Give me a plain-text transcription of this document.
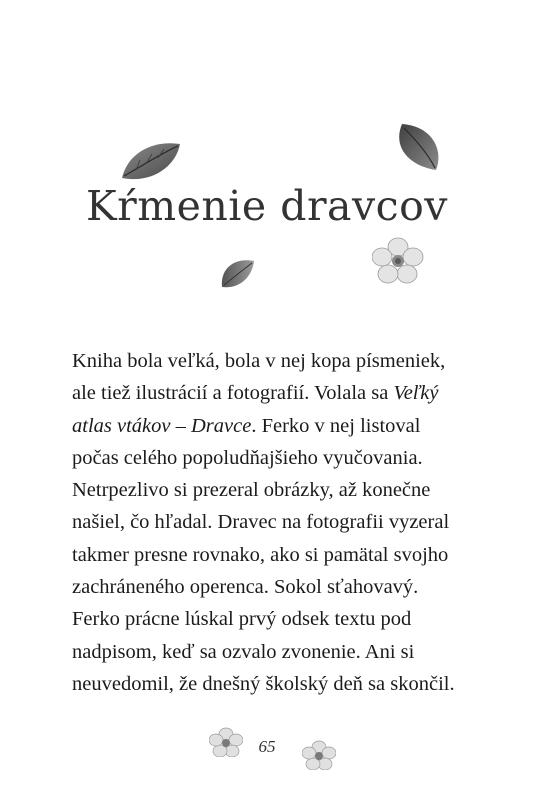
Kŕmenie dravcov
Kniha bola veľká, bola v nej kopa písmeniek,
ale tiež ilustrácií a fotografií. Volala sa Veľký
atlas vtákov – Dravce. Ferko v nej listoval
počas celého popoludňajšieho vyučovania.
Netrpezlivo si prezeral obrázky, až konečne
našiel, čo hľadal. Dravec na fotografii vyzeral
takmer presne rovnako, ako si pamätal svojho
zachráneného operenca. Sokol sťahovavý.
Ferko prácne lúskal prvý odsek textu pod
nadpisom, keď sa ozvalo zvonenie. Ani si
neuvedomil, že dnešný školský deň sa skončil.
65
